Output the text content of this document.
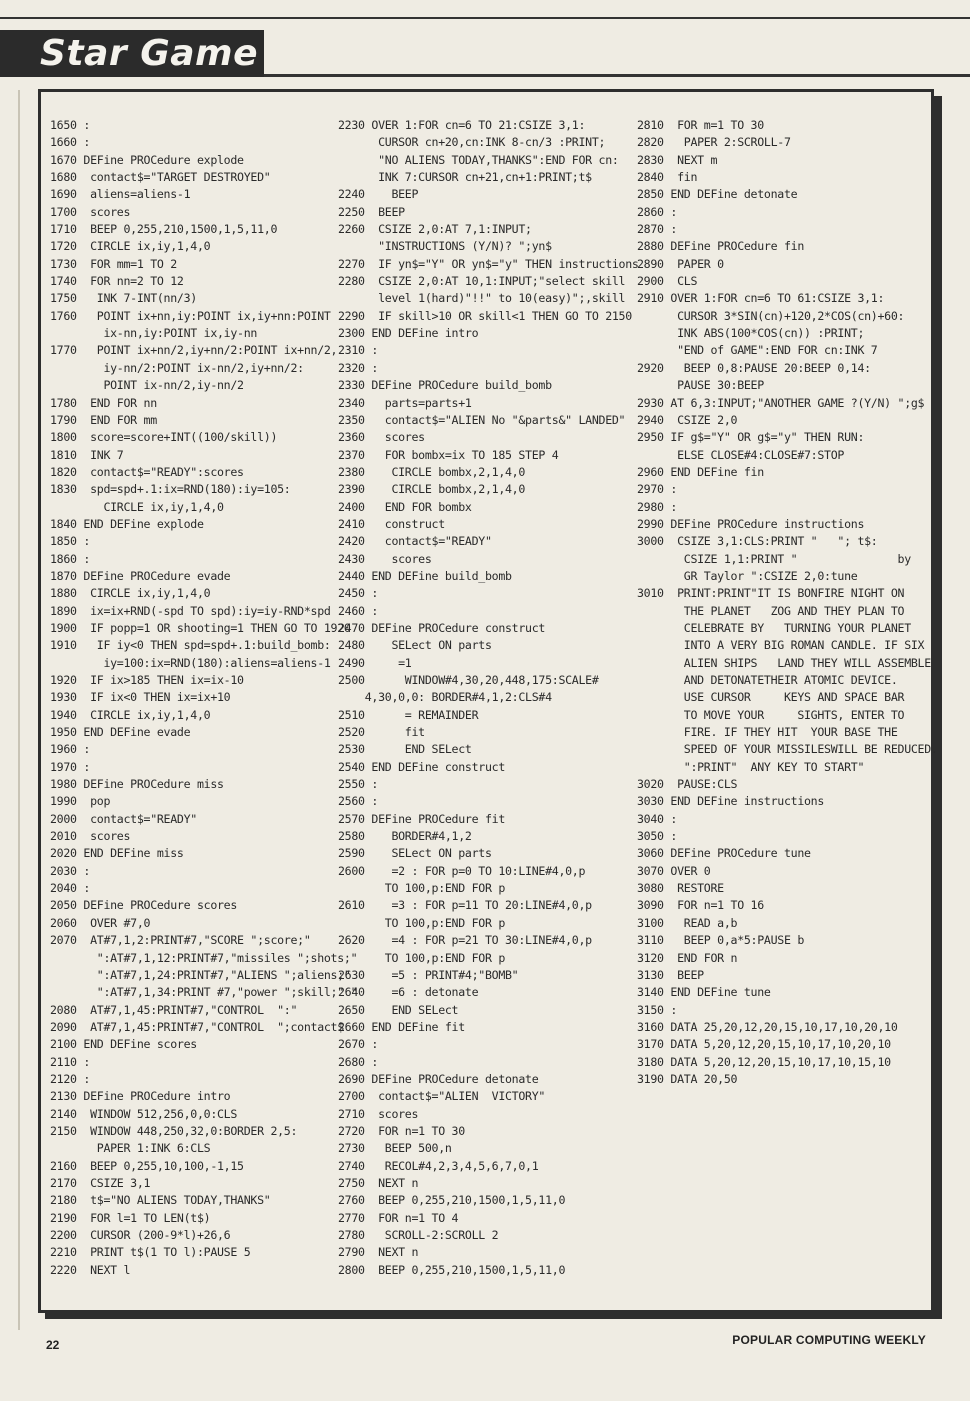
Star Game
1650 :
1660 :
1670 DEFine PROCedure explode
1680  contact$="TARGET DESTROYED"
1690  aliens=aliens-1
1700  scores
1710  BEEP 0,255,210,1500,1,5,11,0
1720  CIRCLE ix,iy,1,4,0
1730  FOR mm=1 TO 2
1740  FOR nn=2 TO 12
1750   INK 7-INT(nn/3)
1760   POINT ix+nn,iy:POINT ix,iy+nn:POINT
ix-nn,iy:POINT ix,iy-nn
1770   POINT ix+nn/2,iy+nn/2:POINT ix+nn/2,
iy-nn/2:POINT ix-nn/2,iy+nn/2:
POINT ix-nn/2,iy-nn/2
1780  END FOR nn
1790  END FOR mm
1800  score=score+INT((100/skill))
1810  INK 7
1820  contact$="READY":scores
1830  spd=spd+.1:ix=RND(180):iy=105:
CIRCLE ix,iy,1,4,0
1840 END DEFine explode
1850 :
1860 :
1870 DEFine PROCedure evade
1880  CIRCLE ix,iy,1,4,0
1890  ix=ix+RND(-spd TO spd):iy=iy-RND*spd
1900  IF popp=1 OR shooting=1 THEN GO TO 1920
1910   IF iy<0 THEN spd=spd+.1:build_bomb:
iy=100:ix=RND(180):aliens=aliens-1
1920  IF ix>185 THEN ix=ix-10
1930  IF ix<0 THEN ix=ix+10
1940  CIRCLE ix,iy,1,4,0
1950 END DEFine evade
1960 :
1970 :
1980 DEFine PROCedure miss
1990  pop
2000  contact$="READY"
2010  scores
2020 END DEFine miss
2030 :
2040 :
2050 DEFine PROCedure scores
2060  OVER #7,0
2070  AT#7,1,2:PRINT#7,"SCORE ";score;"
":AT#7,1,12:PRINT#7,"missiles ";shots;"
":AT#7,1,24:PRINT#7,"ALIENS ";aliens;"
":AT#7,1,34:PRINT #7,"power ";skill;" "
2080  AT#7,1,45:PRINT#7,"CONTROL  ":"
2090  AT#7,1,45:PRINT#7,"CONTROL  ";contact$
2100 END DEFine scores
2110 :
2120 :
2130 DEFine PROCedure intro
2140  WINDOW 512,256,0,0:CLS
2150  WINDOW 448,250,32,0:BORDER 2,5:
PAPER 1:INK 6:CLS
2160  BEEP 0,255,10,100,-1,15
2170  CSIZE 3,1
2180  t$="NO ALIENS TODAY,THANKS"
2190  FOR l=1 TO LEN(t$)
2200  CURSOR (200-9*l)+26,6
2210  PRINT t$(1 TO l):PAUSE 5
2220  NEXT l
2230 OVER 1:FOR cn=6 TO 21:CSIZE 3,1:
CURSOR cn+20,cn:INK 8-cn/3 :PRINT;
"NO ALIENS TODAY,THANKS":END FOR cn:
INK 7:CURSOR cn+21,cn+1:PRINT;t$
2240    BEEP
2250  BEEP
2260  CSIZE 2,0:AT 7,1:INPUT;
"INSTRUCTIONS (Y/N)? ";yn$
2270  IF yn$="Y" OR yn$="y" THEN instructions
2280  CSIZE 2,0:AT 10,1:INPUT;"select skill
level 1(hard)"!!" to 10(easy)";,skill
2290  IF skill>10 OR skill<1 THEN GO TO 2150
2300 END DEFine intro
2310 :
2320 :
2330 DEFine PROCedure build_bomb
2340   parts=parts+1
2350   contact$="ALIEN No "&parts&" LANDED"
2360   scores
2370   FOR bombx=ix TO 185 STEP 4
2380    CIRCLE bombx,2,1,4,0
2390    CIRCLE bombx,2,1,4,0
2400   END FOR bombx
2410   construct
2420   contact$="READY"
2430    scores
2440 END DEFine build_bomb
2450 :
2460 :
2470 DEFine PROCedure construct
2480    SELect ON parts
2490     =1
2500      WINDOW#4,30,20,448,175:SCALE#
4,30,0,0: BORDER#4,1,2:CLS#4
2510      = REMAINDER
2520      fit
2530      END SELect
2540 END DEFine construct
2550 :
2560 :
2570 DEFine PROCedure fit
2580    BORDER#4,1,2
2590    SELect ON parts
2600    =2 : FOR p=0 TO 10:LINE#4,0,p
TO 100,p:END FOR p
2610    =3 : FOR p=11 TO 20:LINE#4,0,p
TO 100,p:END FOR p
2620    =4 : FOR p=21 TO 30:LINE#4,0,p
TO 100,p:END FOR p
2630    =5 : PRINT#4;"BOMB"
2640    =6 : detonate
2650    END SELect
2660 END DEFine fit
2670 :
2680 :
2690 DEFine PROCedure detonate
2700  contact$="ALIEN  VICTORY"
2710  scores
2720  FOR n=1 TO 30
2730   BEEP 500,n
2740   RECOL#4,2,3,4,5,6,7,0,1
2750  NEXT n
2760  BEEP 0,255,210,1500,1,5,11,0
2770  FOR n=1 TO 4
2780   SCROLL-2:SCROLL 2
2790  NEXT n
2800  BEEP 0,255,210,1500,1,5,11,0
2810  FOR m=1 TO 30
2820   PAPER 2:SCROLL-7
2830  NEXT m
2840  fin
2850 END DEFine detonate
2860 :
2870 :
2880 DEFine PROCedure fin
2890  PAPER 0
2900  CLS
2910 OVER 1:FOR cn=6 TO 61:CSIZE 3,1:
CURSOR 3*SIN(cn)+120,2*COS(cn)+60:
INK ABS(100*COS(cn)) :PRINT;
"END of GAME":END FOR cn:INK 7
2920   BEEP 0,8:PAUSE 20:BEEP 0,14:
PAUSE 30:BEEP
2930 AT 6,3:INPUT;"ANOTHER GAME ?(Y/N) ";g$
2940  CSIZE 2,0
2950 IF g$="Y" OR g$="y" THEN RUN:
ELSE CLOSE#4:CLOSE#7:STOP
2960 END DEFine fin
2970 :
2980 :
2990 DEFine PROCedure instructions
3000  CSIZE 3,1:CLS:PRINT "   "; t$:
CSIZE 1,1:PRINT "               by
GR Taylor ":CSIZE 2,0:tune
3010  PRINT:PRINT"IT IS BONFIRE NIGHT ON
THE PLANET   ZOG AND THEY PLAN TO
CELEBRATE BY   TURNING YOUR PLANET
INTO A VERY BIG ROMAN CANDLE. IF SIX
ALIEN SHIPS   LAND THEY WILL ASSEMBLE
AND DETONATETHEIR ATOMIC DEVICE.
USE CURSOR     KEYS AND SPACE BAR
TO MOVE YOUR     SIGHTS, ENTER TO
FIRE. IF THEY HIT  YOUR BASE THE
SPEED OF YOUR MISSILESWILL BE REDUCED.
":PRINT"  ANY KEY TO START"
3020  PAUSE:CLS
3030 END DEFine instructions
3040 :
3050 :
3060 DEFine PROCedure tune
3070 OVER 0
3080  RESTORE
3090  FOR n=1 TO 16
3100   READ a,b
3110   BEEP 0,a*5:PAUSE b
3120  END FOR n
3130  BEEP
3140 END DEFine tune
3150 :
3160 DATA 25,20,12,20,15,10,17,10,20,10
3170 DATA 5,20,12,20,15,10,17,10,20,10
3180 DATA 5,20,12,20,15,10,17,10,15,10
3190 DATA 20,50
22	POPULAR COMPUTING WEEKLY
